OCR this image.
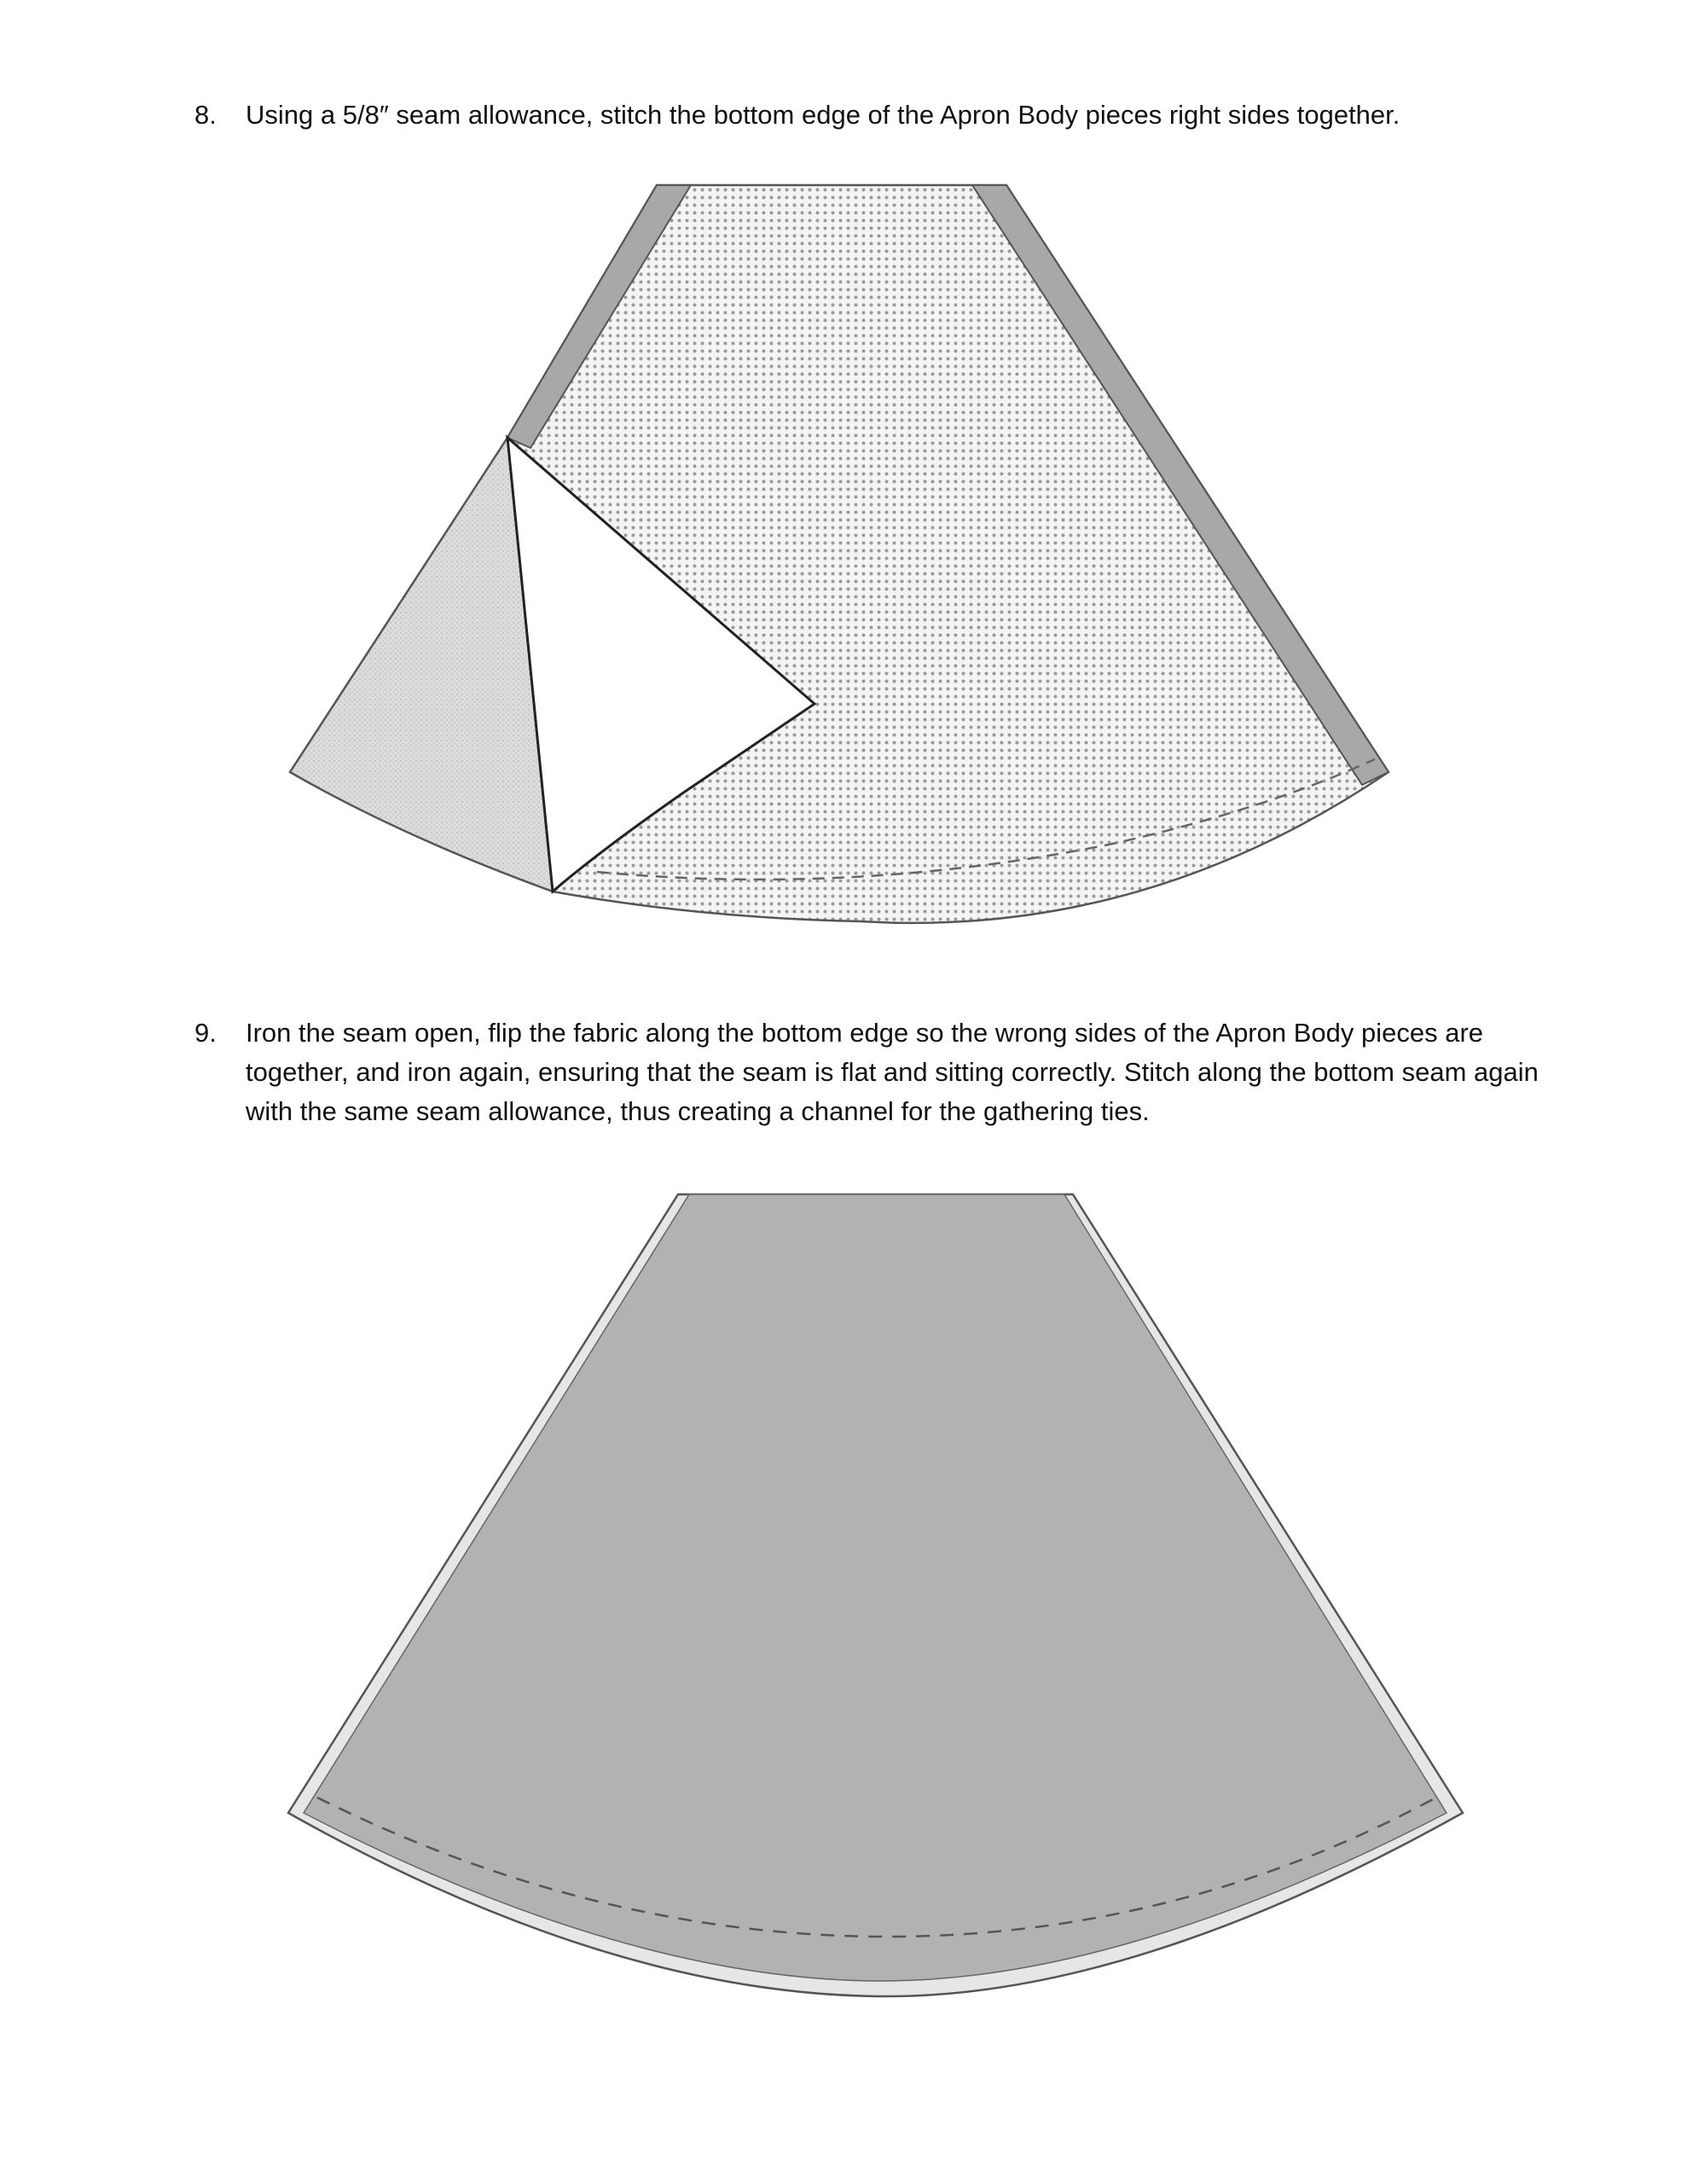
8.	Using a 5/8″ seam allowance, stitch the bottom edge of the Apron Body pieces right sides together.
9.	Iron the seam open, flip the fabric along the bottom edge so the wrong sides of the Apron Body pieces are together, and iron again, ensuring that the seam is flat and sitting correctly. Stitch along the bottom seam again with the same seam allowance, thus creating a channel for the gathering ties.
